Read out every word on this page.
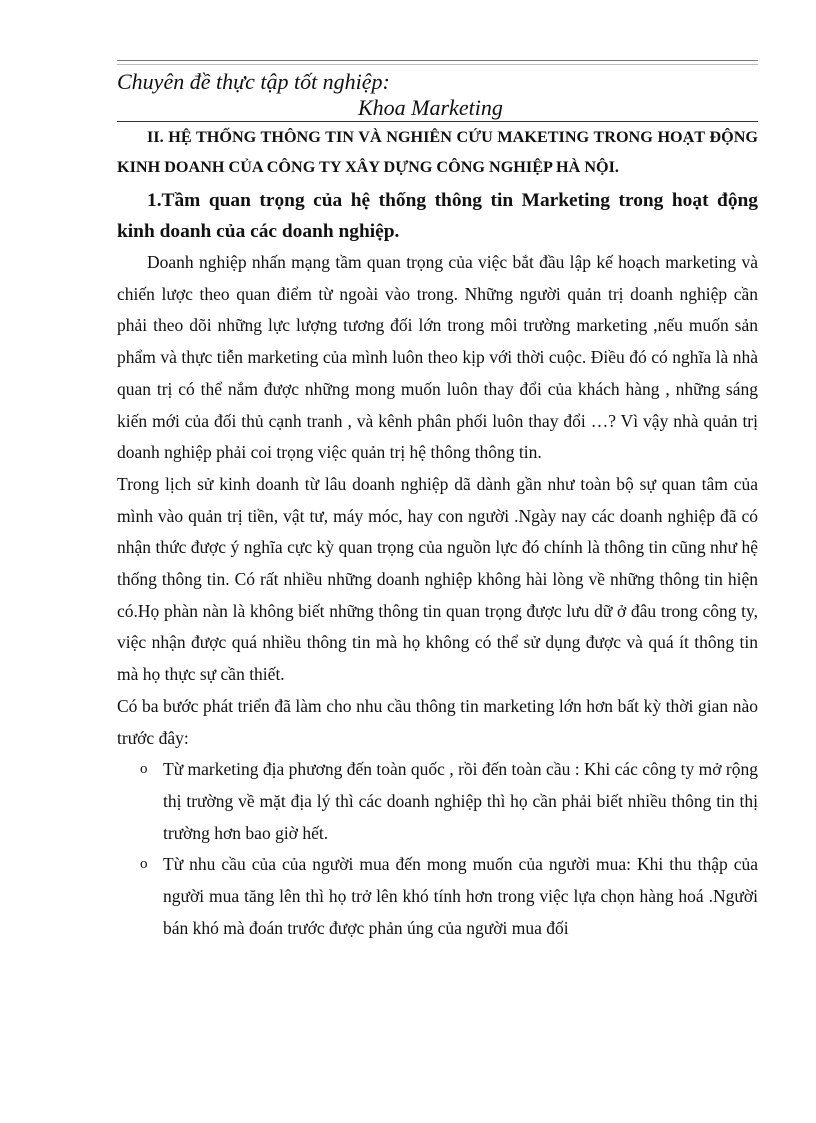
Chuyên đề thực tập tốt nghiệp:
Khoa Marketing

II. HỆ THỐNG THÔNG TIN VÀ NGHIÊN CỨU MAKETING TRONG HOẠT ĐỘNG KINH DOANH CỦA CÔNG TY XÂY DỰNG CÔNG NGHIỆP HÀ NỘI.

1.Tầm quan trọng của hệ thống thông tin Marketing trong hoạt động kinh doanh của các doanh nghiệp.

Doanh nghiệp nhấn mạng tầm quan trọng của việc bắt đầu lập kế hoạch marketing và chiến lược theo quan điểm từ ngoài vào trong. Những người quản trị doanh nghiệp cần phải theo dõi những lực lượng tương đối lớn trong môi trường marketing ,nếu muốn sản phẩm và thực tiễn marketing của mình luôn theo kịp với thời cuộc. Điều đó có nghĩa là nhà quan trị có thể nắm được những mong muốn luôn thay đổi của khách hàng , những sáng kiến mới của đối thủ cạnh tranh , và kênh phân phối luôn thay đổi …? Vì vậy nhà quản trị doanh nghiệp phải coi trọng việc quản trị hệ thông thông tin.

Trong lịch sử kinh doanh từ lâu doanh nghiệp dã dành gần như toàn bộ sự quan tâm của mình vào quản trị tiền, vật tư, máy móc, hay con người .Ngày nay các doanh nghiệp đã có nhận thức được ý nghĩa cực kỳ quan trọng của nguồn lực đó chính là thông tin cũng như hệ thống thông tin. Có rất nhiều những doanh nghiệp không hài lòng về những thông tin hiện có.Họ phàn nàn là không biết những thông tin quan trọng được lưu dữ ở đâu trong công ty, việc nhận được quá nhiều thông tin mà họ không có thể sử dụng được và quá ít thông tin mà họ thực sự cần thiết.

Có ba bước phát triển đã làm cho nhu cầu thông tin marketing lớn hơn bất kỳ thời gian nào trước đây:

o Từ marketing địa phương đến toàn quốc , rồi đến toàn cầu : Khi các công ty mở rộng thị trường về mặt địa lý thì các doanh nghiệp thì họ cần phải biết nhiều thông tin thị trường hơn bao giờ hết.
o Từ nhu cầu của của người mua đến mong muốn của người mua: Khi thu thập của người mua tăng lên thì họ trở lên khó tính hơn trong việc lựa chọn hàng hoá .Người bán khó mà đoán trước được phản úng của người mua đối
